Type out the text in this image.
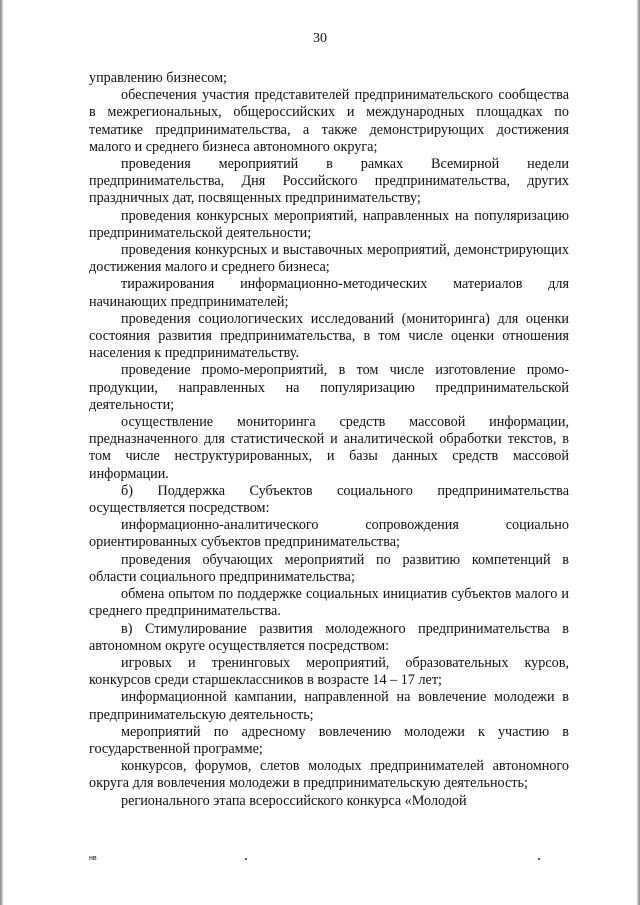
30

управлению бизнесом;

обеспечения участия представителей предпринимательского сообщества в межрегиональных, общероссийских и международных площадках по тематике предпринимательства, а также демонстрирующих достижения малого и среднего бизнеса автономного округа;

проведения мероприятий в рамках Всемирной недели предпринимательства, Дня Российского предпринимательства, других праздничных дат, посвященных предпринимательству;

проведения конкурсных мероприятий, направленных на популяризацию предпринимательской деятельности;

проведения конкурсных и выставочных мероприятий, демонстрирующих достижения малого и среднего бизнеса;

тиражирования информационно-методических материалов для начинающих предпринимателей;

проведения социологических исследований (мониторинга) для оценки состояния развития предпринимательства, в том числе оценки отношения населения к предпринимательству.

проведение промо-мероприятий, в том числе изготовление промо-продукции, направленных на популяризацию предпринимательской деятельности;

осуществление мониторинга средств массовой информации, предназначенного для статистической и аналитической обработки текстов, в том числе неструктурированных, и базы данных средств массовой информации.

б) Поддержка Субъектов социального предпринимательства осуществляется посредством:

информационно-аналитического сопровождения социально ориентированных субъектов предпринимательства;

проведения обучающих мероприятий по развитию компетенций в области социального предпринимательства;

обмена опытом по поддержке социальных инициатив субъектов малого и среднего предпринимательства.

в) Стимулирование развития молодежного предпринимательства в автономном округе осуществляется посредством:

игровых и тренинговых мероприятий, образовательных курсов, конкурсов среди старшеклассников в возрасте 14 – 17 лет;

информационной кампании, направленной на вовлечение молодежи в предпринимательскую деятельность;

мероприятий по адресному вовлечению молодежи к участию в государственной программе;

конкурсов, форумов, слетов молодых предпринимателей автономного округа для вовлечения молодежи в предпринимательскую деятельность;

регионального этапа всероссийского конкурса «Молодой

нв
